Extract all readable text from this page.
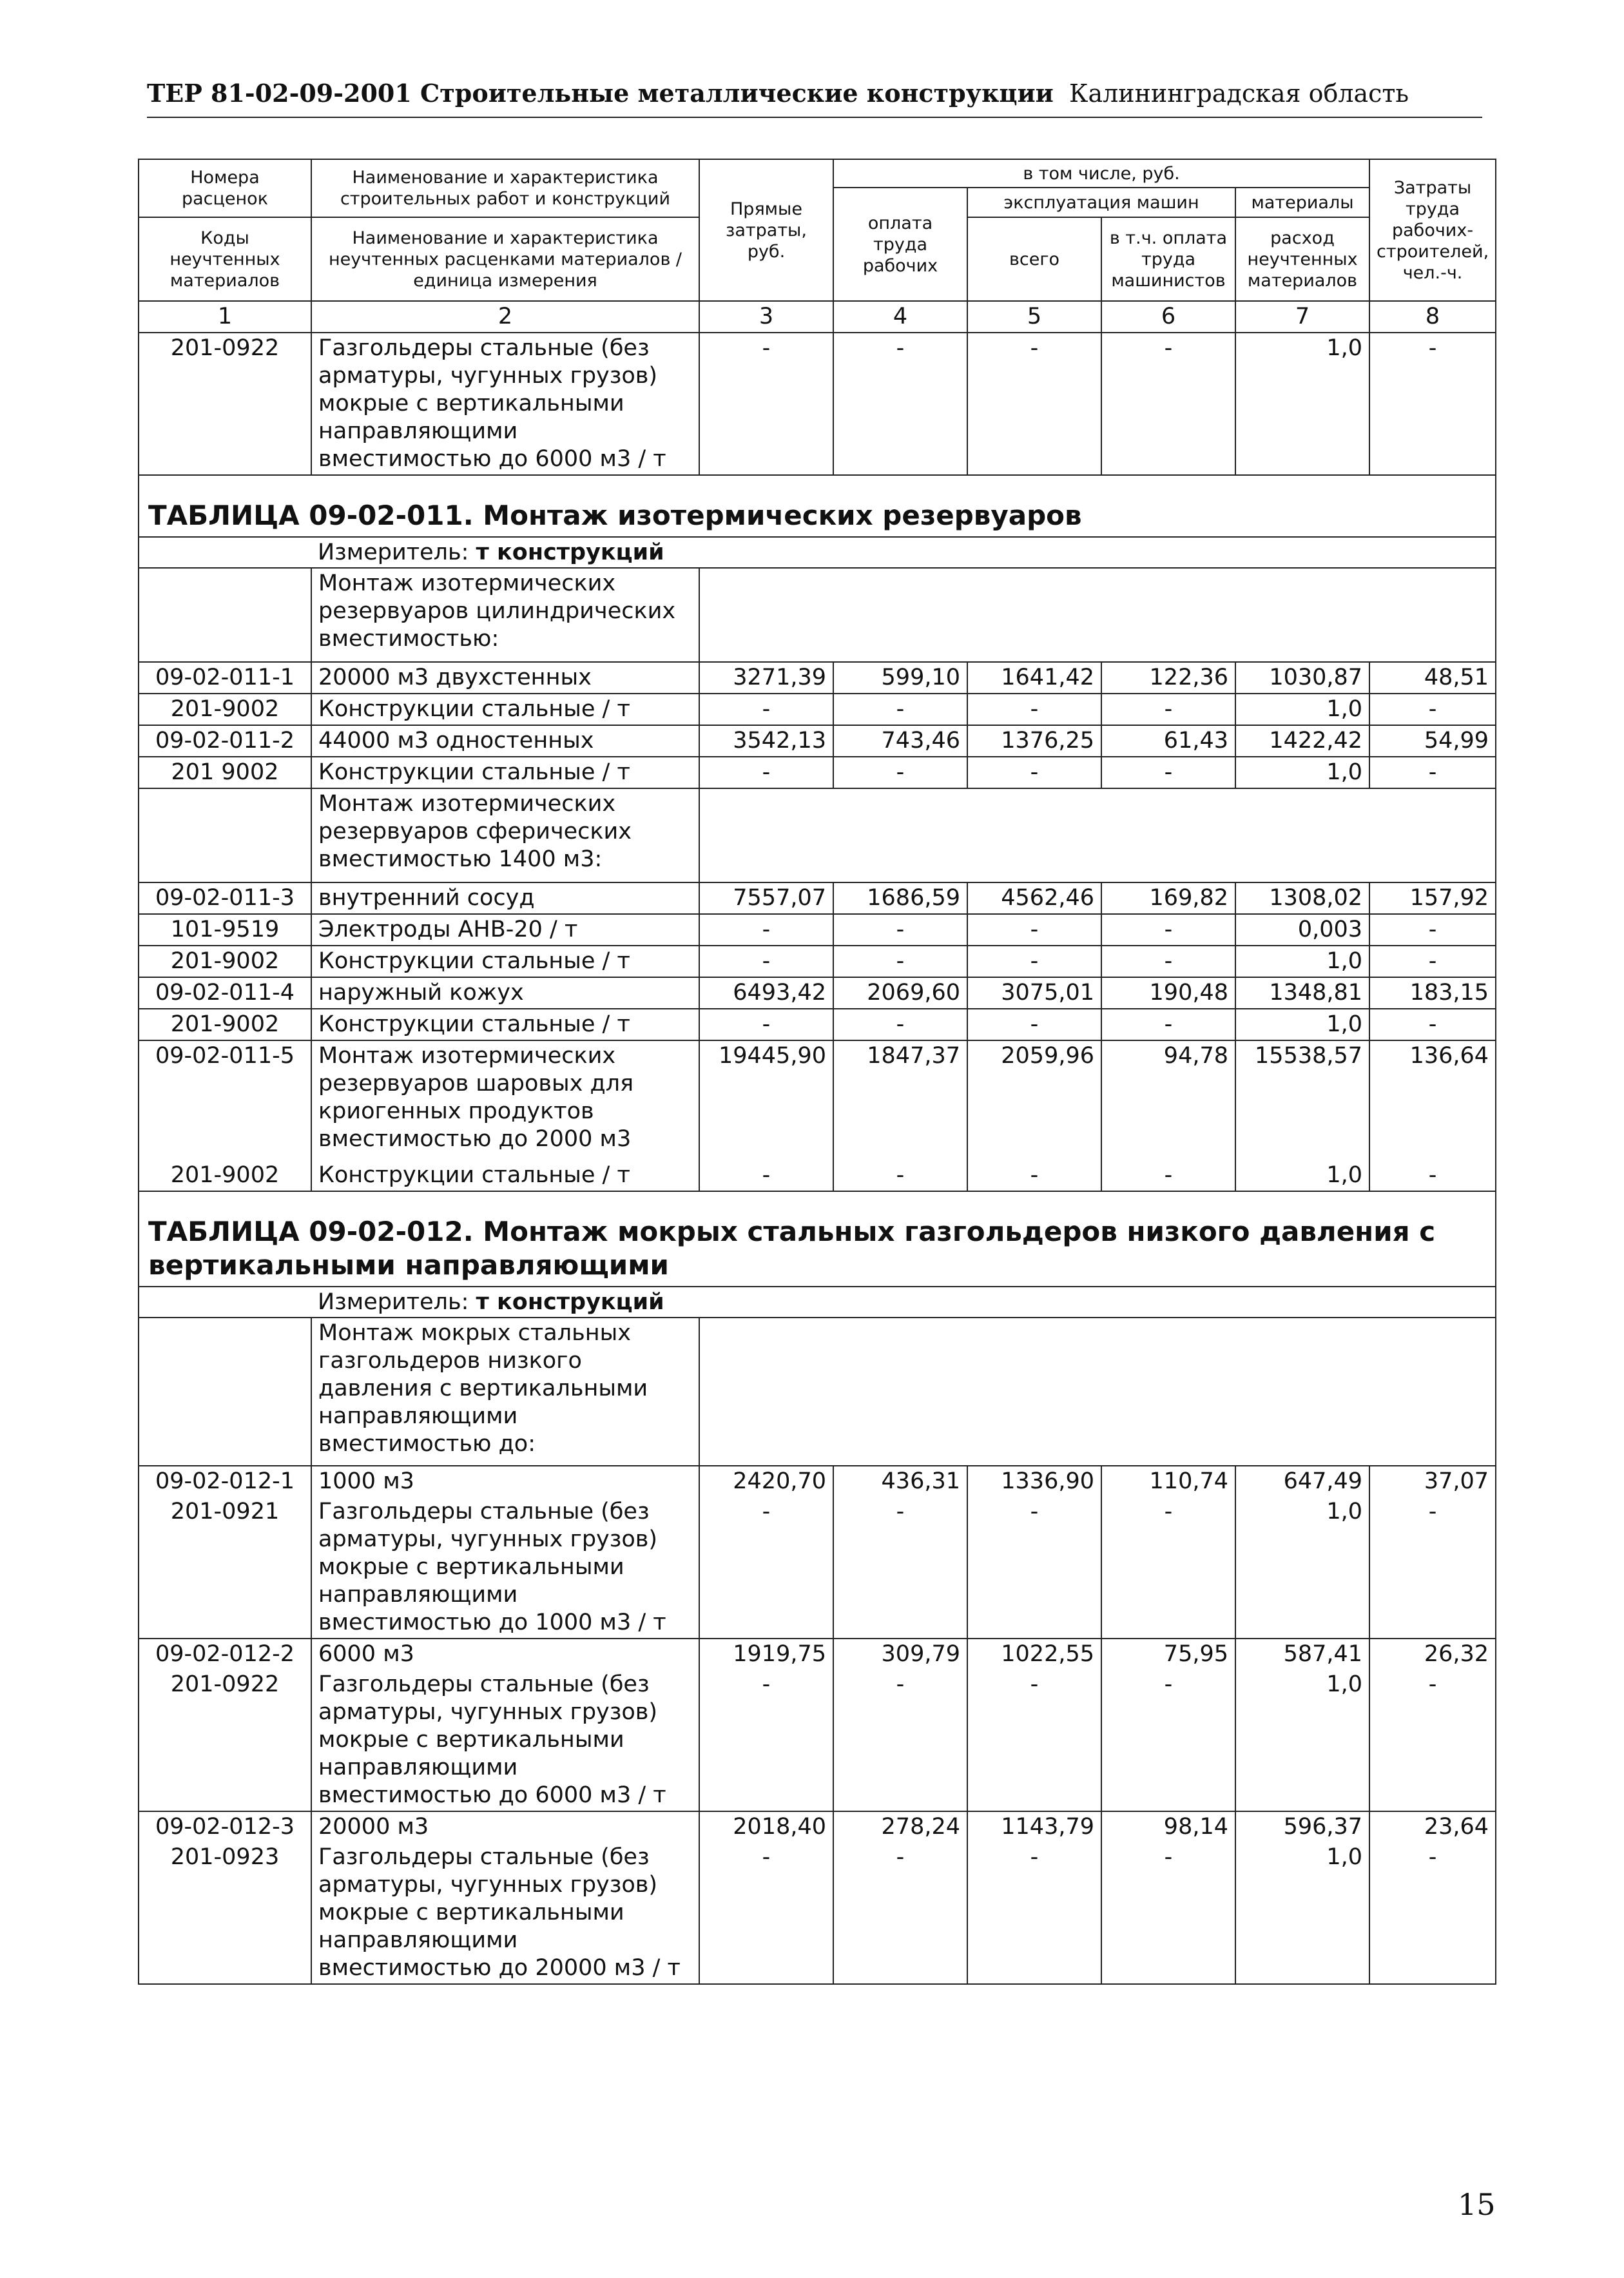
ТЕР 81-02-09-2001 Строительные металлические конструкции Калининградская область
Номера расценок	Наименование и характеристика строительных работ и конструкций	Прямые затраты, руб.	в том числе, руб.				Затраты труда рабочих-строителей, чел.-ч.
			оплата труда рабочих	эксплуатация машин		материалы	

Коды неучтенных материалов	Наименование и характеристика неучтенных расценками материалов / единица измерения			всего	в т.ч. оплата труда машинистов	расход неучтенных материалов	

1	2	3	4	5	6	7	8
201-0922	Газгольдеры стальные (без арматуры, чугунных грузов) мокрые с вертикальными направляющими вместимостью до 6000 м3 / т	-	-	-	-	1,0	-
ТАБЛИЦА 09-02-011. Монтаж изотермических резервуаров							
	Измеритель: т конструкций						
	Монтаж изотермических резервуаров цилиндрических вместимостью:						
09-02-011-1	20000 м3 двухстенных	3271,39	599,10	1641,42	122,36	1030,87	48,51
201-9002	Конструкции стальные / т	-	-	-	-	1,0	-
09-02-011-2	44000 м3 одностенных	3542,13	743,46	1376,25	61,43	1422,42	54,99
201 9002	Конструкции стальные / т	-	-	-	-	1,0	-
	Монтаж изотермических резервуаров сферических вместимостью 1400 м3:						
09-02-011-3	внутренний сосуд	7557,07	1686,59	4562,46	169,82	1308,02	157,92
101-9519	Электроды АНВ-20 / т	-	-	-	-	0,003	-
201-9002	Конструкции стальные / т	-	-	-	-	1,0	-
09-02-011-4	наружный кожух	6493,42	2069,60	3075,01	190,48	1348,81	183,15
201-9002	Конструкции стальные / т	-	-	-	-	1,0	-
09-02-011-5	Монтаж изотермических резервуаров шаровых для криогенных продуктов вместимостью до 2000 м3	19445,90	1847,37	2059,96	94,78	15538,57	136,64
201-9002	Конструкции стальные / т	-	-	-	-	1,0	-
ТАБЛИЦА 09-02-012. Монтаж мокрых стальных газгольдеров низкого давления с вертикальными направляющими							
	Измеритель: т конструкций						
	Монтаж мокрых стальных газгольдеров низкого давления с вертикальными направляющими вместимостью до:						
09-02-012-1	1000 м3	2420,70	436,31	1336,90	110,74	647,49	37,07
201-0921	Газгольдеры стальные (без арматуры, чугунных грузов) мокрые с вертикальными направляющими вместимостью до 1000 м3 / т	-	-	-	-	1,0	-
09-02-012-2	6000 м3	1919,75	309,79	1022,55	75,95	587,41	26,32
201-0922	Газгольдеры стальные (без арматуры, чугунных грузов) мокрые с вертикальными направляющими вместимостью до 6000 м3 / т	-	-	-	-	1,0	-
09-02-012-3	20000 м3	2018,40	278,24	1143,79	98,14	596,37	23,64
201-0923	Газгольдеры стальные (без арматуры, чугунных грузов) мокрые с вертикальными направляющими вместимостью до 20000 м3 / т	-	-	-	-	1,0	-
15
